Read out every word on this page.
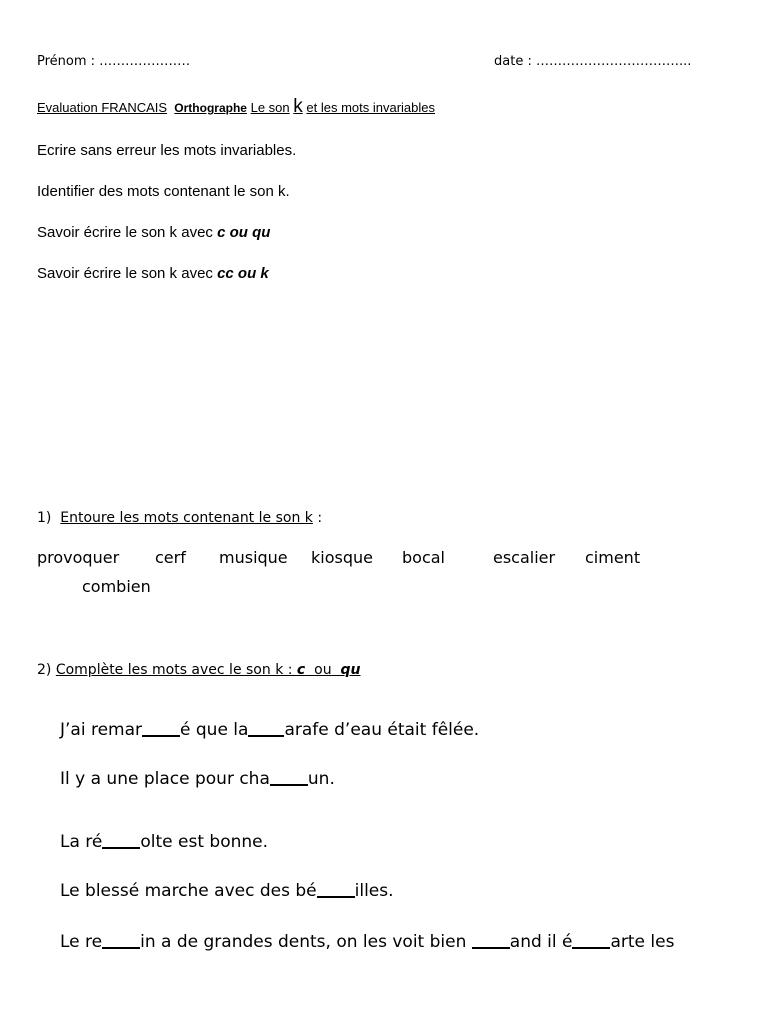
Prénom : …………………	date : ……………………………...
Evaluation FRANCAIS Orthographe Le son k et les mots invariables
Ecrire sans erreur les mots invariables.
Identifier des mots contenant le son k.
Savoir écrire le son k avec c ou qu
Savoir écrire le son k avec cc ou k
1) Entoure les mots contenant le son k :
provoquer cerf musique kiosque bocal	escalier ciment
combien
2) Complète les mots avec le son k : c ou qu
J’ai remar é que la arafe d’eau était fêlée.
Il y a une place pour cha un.
La ré olte est bonne.
Le blessé marche avec des bé illes.
Le re in a de grandes dents, on les voit bien and il é arte les
